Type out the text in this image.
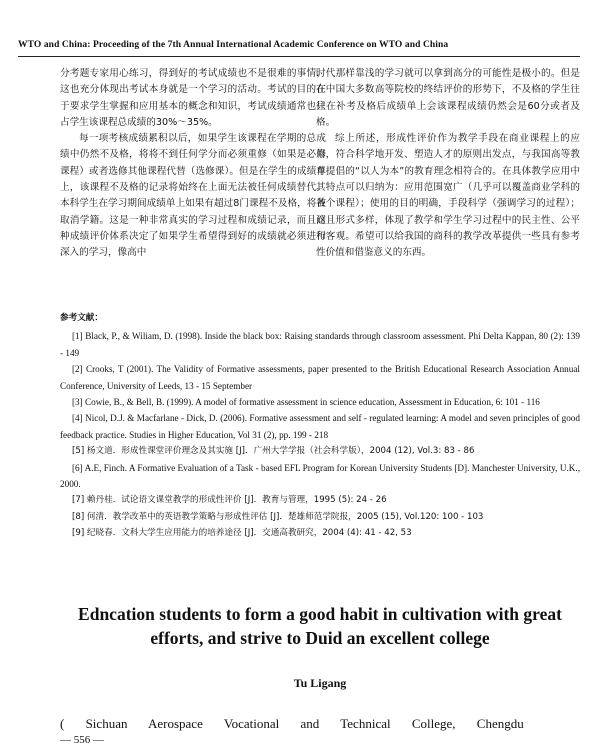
WTO and China: Proceeding of the 7th Annual International Academic Conference on WTO and China

分考题专家用心练习，得到好的考试成绩也不是很难的事情，这也充分体现出考试本身就是一个学习的活动。考试的目的在于要求学生掌握和应用基本的概念和知识，考试成绩通常也只占学生该课程总成绩的30%～35%。

每一项考核成绩累积以后，如果学生该课程在学期的总成绩中仍然不及格，将将不到任何学分而必须重修（如果是必修课程）或者选修其他课程代替（选修课）。但是在学生的成绩单上，该课程不及格的记录将始终在上面无法被任何成绩替代。本科学生在学习期间成绩单上如果有超过8门课程不及格，将被取消学籍。这是一种非常真实的学习过程和成绩记录，而且这种成绩评价体系决定了如果学生希望得到好的成绩就必须进行深入的学习，像高中

时代那样靠浅的学习就可以拿到高分的可能性是极小的。但是在中国大多数高等院校的终结评价的形势下，不及格的学生往往在补考及格后成绩单上会该课程成绩仍然会是60分或者及格。

综上所述，形成性评价作为教学手段在商业课程上的应用，符合科学地开发、塑造人才的原则出发点，与我国高等教育提倡的“以人为本”的教育理念相符合的。在具体教学应用中其特点可以归纳为：应用范围宽广（几乎可以覆盖商业学科的各个课程）；使用的目的明确，手段科学（强调学习的过程）；而且形式多样，体现了教学和学生学习过程中的民主性、公平和客观。希望可以给我国的商科的教学改革提供一些具有参考性价值和借鉴意义的东西。

参考文献：

[1] Black, P., & Wiliam, D. (1998). Inside the black box: Raising standards through classroom assessment. Phi Delta Kappan, 80 (2): 139 - 149

[2] Crooks, T (2001). The Validity of Formative assessments, paper presented to the British Educational Research Association Annual Conference, University of Leeds, 13 - 15 September

[3] Cowie, B., & Bell, B. (1999). A model of formative assessment in science education, Assessment in Education, 6: 101 - 116

[4] Nicol, D.J. & Macfarlane - Dick, D. (2006). Formative assessment and self - regulated learning: A model and seven principles of good feedback practice. Studies in Higher Education, Vol 31 (2), pp. 199 - 218

[5] 杨文道．形成性课堂评价理念及其实施 [J]．广州大学学报（社会科学版），2004 (12), Vol.3: 83 - 86

[6] A.E, Finch. A Formative Evaluation of a Task - based EFL Program for Korean University Students [D]. Manchester University, U.K., 2000.

[7] 赖丹桂．试论语文课堂教学的形成性评价 [J]．教育与管理，1995 (5): 24 - 26

[8] 何清．教学改革中的英语教学策略与形成性评估 [J]．楚雄师范学院报，2005 (15), Vol.120: 100 - 103

[9] 纪晓春．文科大学生应用能力的培养途径 [J]．交通高教研究，2004 (4): 41 - 42, 53

Edncation students to form a good habit in cultivation with great efforts, and strive to Duid an excellent college
Tu Ligang
( Sichuan Aerospace Vocational and Technical College, Chengdu
— 556 —
